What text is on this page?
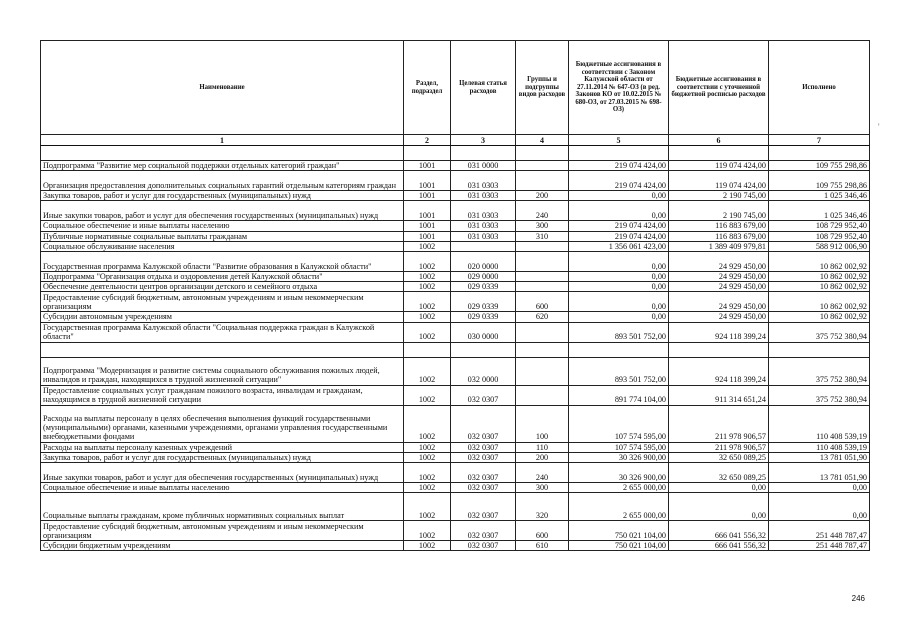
Наименование	Раздел, подраздел	Целевая статья расходов	Группы и подгруппы видов расходов	Бюджетные ассигнования в соответствии с Законом Калужской области от 27.11.2014 № 647-ОЗ (в ред. Законов КО от 10.02.2015 № 680-ОЗ, от 27.03.2015 № 698-ОЗ)	Бюджетные ассигнования в соответствии с уточненной бюджетной росписью расходов	Исполнено
1	2	3	4	5	6	7

Подпрограмма "Развитие мер социальной поддержки отдельных категорий граждан"	1001	031 0000		219 074 424,00	119 074 424,00	109 755 298,86
Организация предоставления дополнительных социальных гарантий отдельным категориям граждан	1001	031 0303		219 074 424,00	119 074 424,00	109 755 298,86
Закупка товаров, работ и услуг для государственных (муниципальных) нужд	1001	031 0303	200	0,00	2 190 745,00	1 025 346,46
Иные закупки товаров, работ и услуг для обеспечения государственных (муниципальных) нужд	1001	031 0303	240	0,00	2 190 745,00	1 025 346,46
Социальное обеспечение и иные выплаты населению	1001	031 0303	300	219 074 424,00	116 883 679,00	108 729 952,40
Публичные нормативные социальные выплаты гражданам	1001	031 0303	310	219 074 424,00	116 883 679,00	108 729 952,40
Социальное обслуживание населения	1002			1 356 061 423,00	1 389 409 979,81	588 912 006,90
Государственная программа Калужской области "Развитие образования в Калужской области"	1002	020 0000		0,00	24 929 450,00	10 862 002,92
Подпрограмма "Организация отдыха и оздоровления детей Калужской области"	1002	029 0000		0,00	24 929 450,00	10 862 002,92
Обеспечение деятельности центров организации детского и семейного отдыха	1002	029 0339		0,00	24 929 450,00	10 862 002,92
Предоставление субсидий бюджетным, автономным учреждениям и иным некоммерческим организациям	1002	029 0339	600	0,00	24 929 450,00	10 862 002,92
Субсидии автономным учреждениям	1002	029 0339	620	0,00	24 929 450,00	10 862 002,92
Государственная программа Калужской области "Социальная поддержка граждан в Калужской области"	1002	030 0000		893 501 752,00	924 118 399,24	375 752 380,94

Подпрограмма "Модернизация и развитие системы социального обслуживания пожилых людей, инвалидов и граждан, находящихся в трудной жизненной ситуации"	1002	032 0000		893 501 752,00	924 118 399,24	375 752 380,94
Предоставление социальных услуг гражданам пожилого возраста, инвалидам и гражданам, находящимся в трудной жизненной ситуации	1002	032 0307		891 774 104,00	911 314 651,24	375 752 380,94
Расходы на выплаты персоналу в целях обеспечения выполнения функций государственными (муниципальными) органами, казенными учреждениями, органами управления государственными внебюджетными фондами	1002	032 0307	100	107 574 595,00	211 978 906,57	110 408 539,19
Расходы на выплаты персоналу казенных учреждений	1002	032 0307	110	107 574 595,00	211 978 906,57	110 408 539,19
Закупка товаров, работ и услуг для государственных (муниципальных) нужд	1002	032 0307	200	30 326 900,00	32 650 089,25	13 781 051,90
Иные закупки товаров, работ и услуг для обеспечения государственных (муниципальных) нужд	1002	032 0307	240	30 326 900,00	32 650 089,25	13 781 051,90
Социальное обеспечение и иные выплаты населению	1002	032 0307	300	2 655 000,00	0,00	0,00
Социальные выплаты гражданам, кроме публичных нормативных социальных выплат	1002	032 0307	320	2 655 000,00	0,00	0,00
Предоставление субсидий бюджетным, автономным учреждениям и иным некоммерческим организациям	1002	032 0307	600	750 021 104,00	666 041 556,32	251 448 787,47
Субсидии бюджетным учреждениям	1002	032 0307	610	750 021 104,00	666 041 556,32	251 448 787,47
'
246
